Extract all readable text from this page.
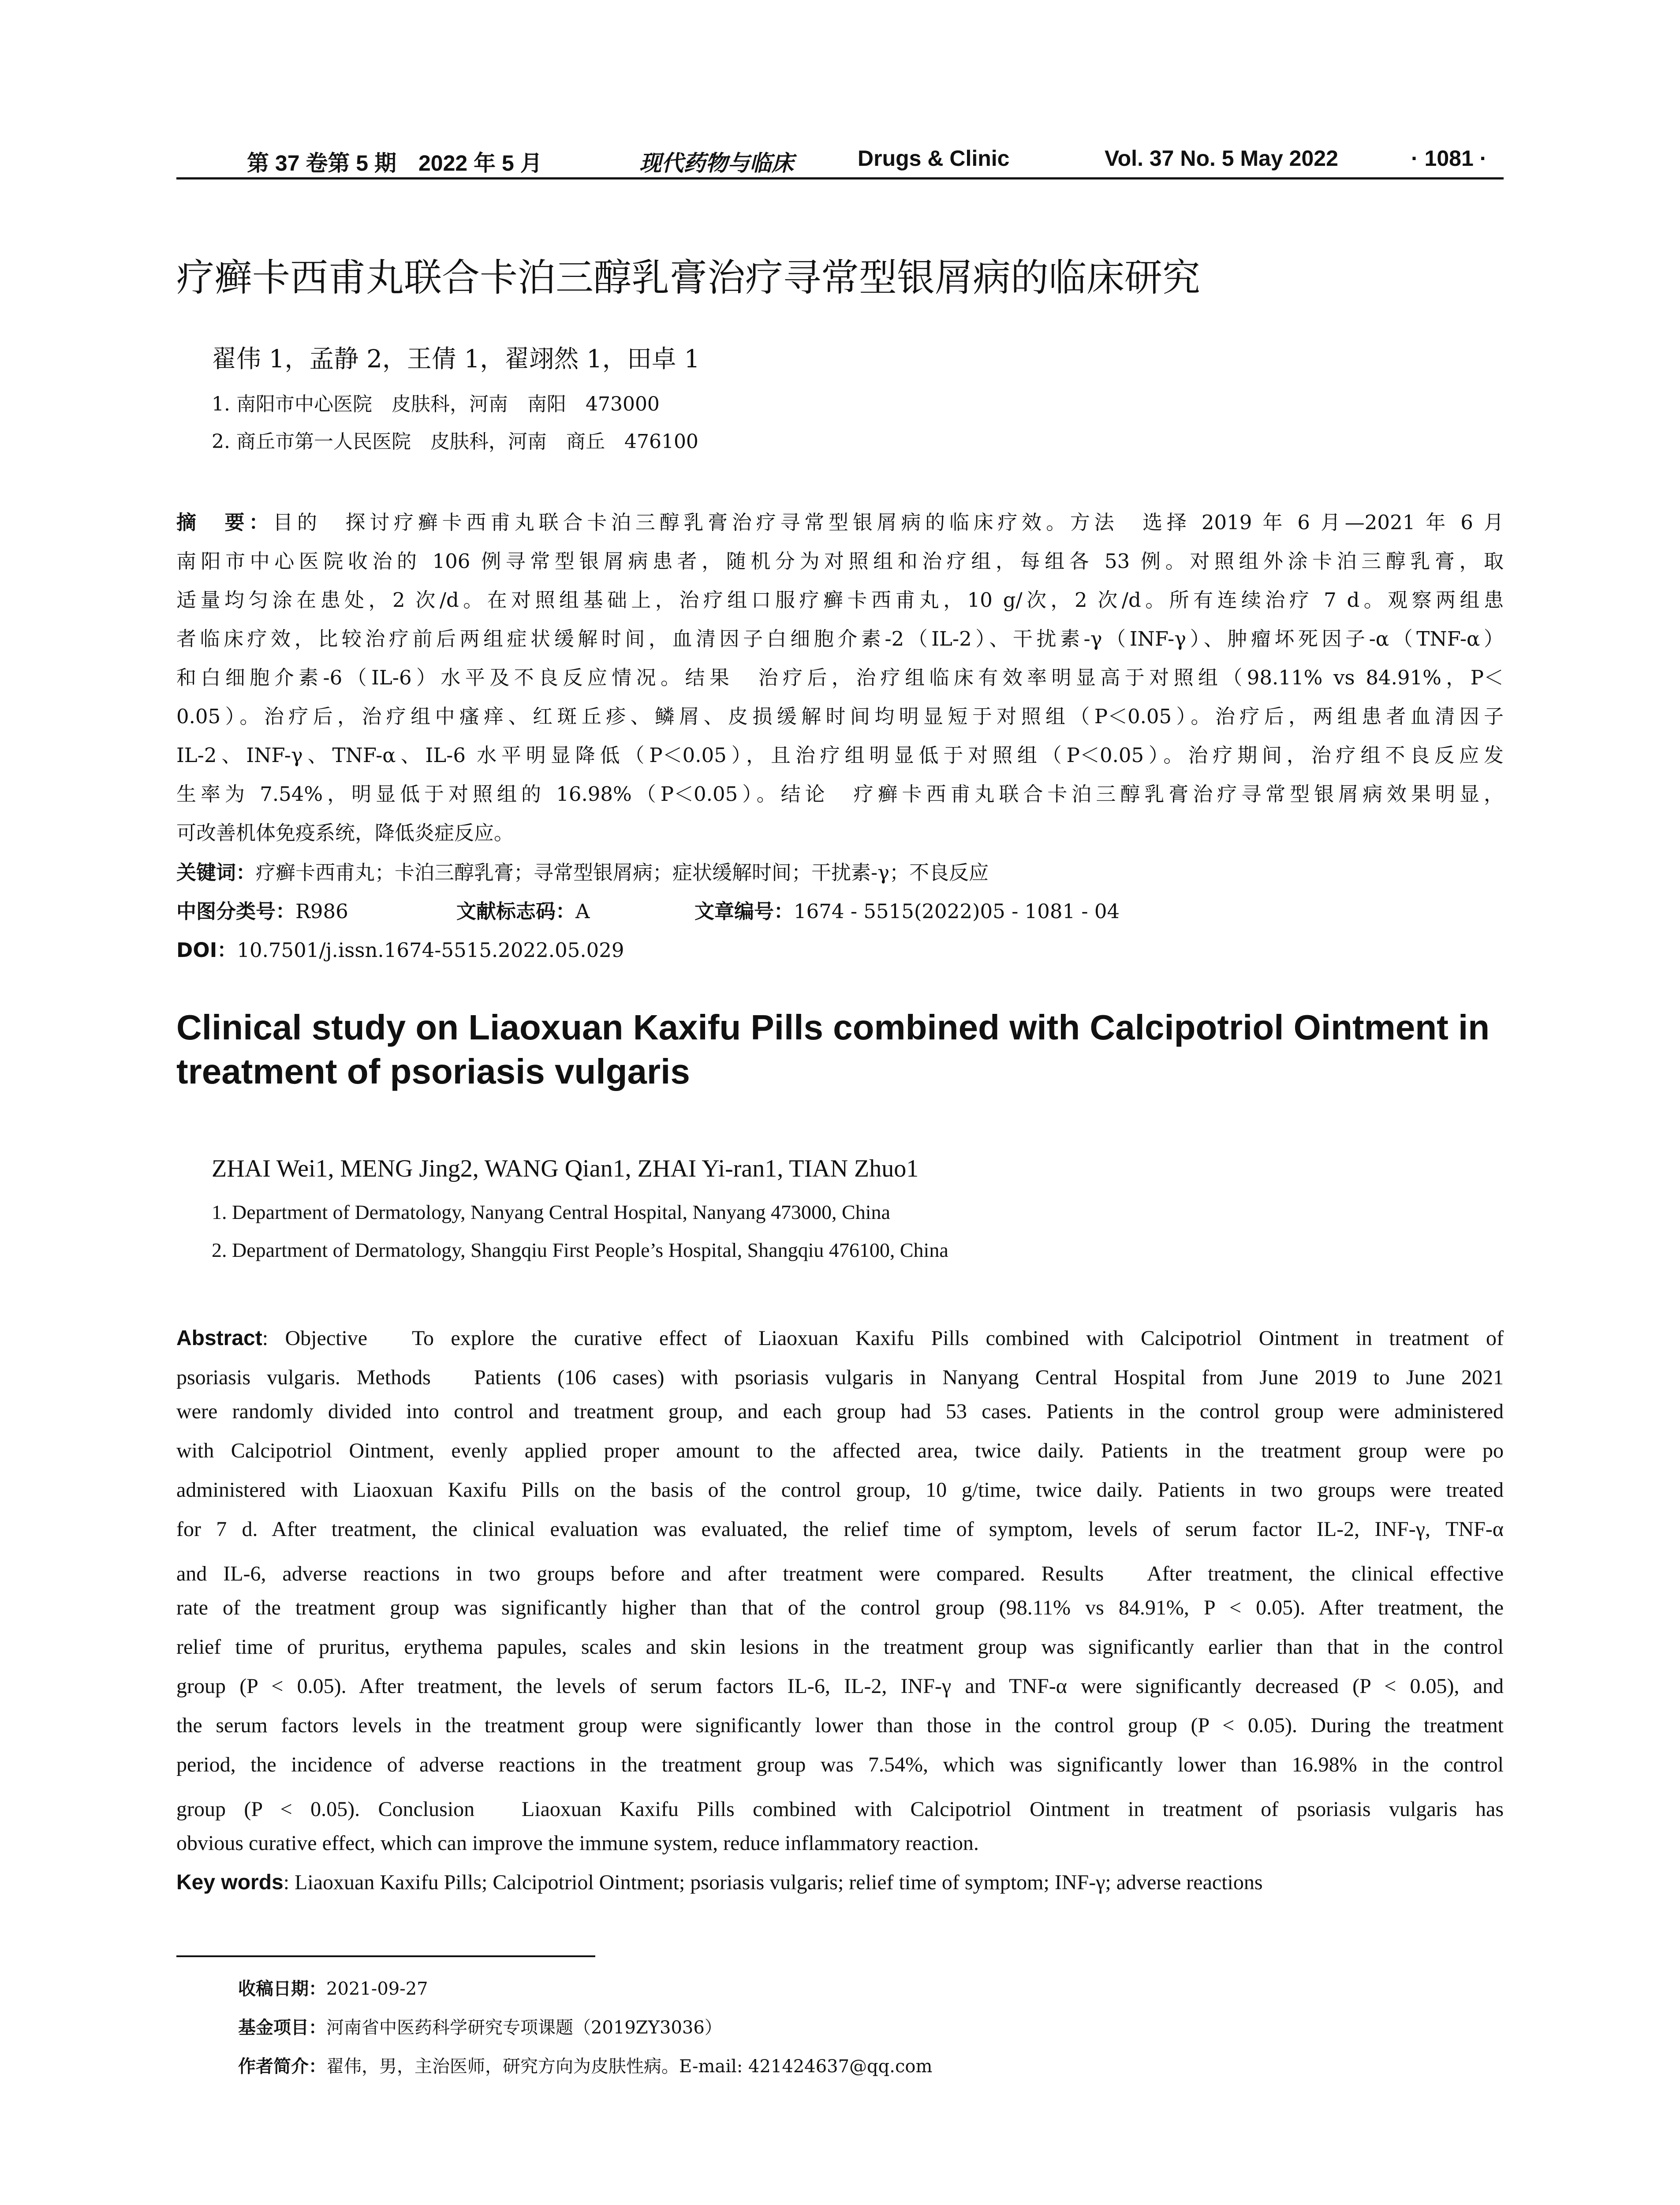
第 37 卷第 5 期　2022 年 5 月	现代药物与临床	Drugs & Clinic	Vol. 37 No. 5 May 2022	· 1081 ·
疗癣卡西甫丸联合卡泊三醇乳膏治疗寻常型银屑病的临床研究
翟伟 1，孟静 2，王倩 1，翟翊然 1，田卓 1
1. 南阳市中心医院　皮肤科，河南　南阳　473000
2. 商丘市第一人民医院　皮肤科，河南　商丘　476100
摘　要：目的　探讨疗癣卡西甫丸联合卡泊三醇乳膏治疗寻常型银屑病的临床疗效。方法　选择 2019 年 6 月—2021 年 6 月
南阳市中心医院收治的 106 例寻常型银屑病患者，随机分为对照组和治疗组，每组各 53 例。对照组外涂卡泊三醇乳膏，取
适量均匀涂在患处，2 次/d。在对照组基础上，治疗组口服疗癣卡西甫丸，10 g/次，2 次/d。所有连续治疗 7 d。观察两组患
者临床疗效，比较治疗前后两组症状缓解时间，血清因子白细胞介素-2（IL-2）、干扰素-γ（INF-γ）、肿瘤坏死因子-α（TNF-α）
和白细胞介素-6（IL-6）水平及不良反应情况。结果　治疗后，治疗组临床有效率明显高于对照组（98.11% vs 84.91%，P＜
0.05）。治疗后，治疗组中瘙痒、红斑丘疹、鳞屑、皮损缓解时间均明显短于对照组（P＜0.05）。治疗后，两组患者血清因子
IL-2、INF-γ、TNF-α、IL-6 水平明显降低（P＜0.05），且治疗组明显低于对照组（P＜0.05）。治疗期间，治疗组不良反应发
生率为 7.54%，明显低于对照组的 16.98%（P＜0.05）。结论　疗癣卡西甫丸联合卡泊三醇乳膏治疗寻常型银屑病效果明显，
可改善机体免疫系统，降低炎症反应。
关键词：疗癣卡西甫丸；卡泊三醇乳膏；寻常型银屑病；症状缓解时间；干扰素-γ；不良反应
中图分类号：R986	文献标志码：A	文章编号：1674 - 5515(2022)05 - 1081 - 04
DOI：10.7501/j.issn.1674-5515.2022.05.029
Clinical study on Liaoxuan Kaxifu Pills combined with Calcipotriol Ointment in treatment of psoriasis vulgaris
ZHAI Wei1, MENG Jing2, WANG Qian1, ZHAI Yi-ran1, TIAN Zhuo1
1. Department of Dermatology, Nanyang Central Hospital, Nanyang 473000, China
2. Department of Dermatology, Shangqiu First People’s Hospital, Shangqiu 476100, China
Abstract: Objective　To explore the curative effect of Liaoxuan Kaxifu Pills combined with Calcipotriol Ointment in treatment of
psoriasis vulgaris. Methods　Patients (106 cases) with psoriasis vulgaris in Nanyang Central Hospital from June 2019 to June 2021
were randomly divided into control and treatment group, and each group had 53 cases. Patients in the control group were administered
with Calcipotriol Ointment, evenly applied proper amount to the affected area, twice daily. Patients in the treatment group were po
administered with Liaoxuan Kaxifu Pills on the basis of the control group, 10 g/time, twice daily. Patients in two groups were treated
for 7 d. After treatment, the clinical evaluation was evaluated, the relief time of symptom, levels of serum factor IL-2, INF-γ, TNF-α
and IL-6, adverse reactions in two groups before and after treatment were compared. Results　After treatment, the clinical effective
rate of the treatment group was significantly higher than that of the control group (98.11% vs 84.91%, P < 0.05). After treatment, the
relief time of pruritus, erythema papules, scales and skin lesions in the treatment group was significantly earlier than that in the control
group (P < 0.05). After treatment, the levels of serum factors IL-6, IL-2, INF-γ and TNF-α were significantly decreased (P < 0.05), and
the serum factors levels in the treatment group were significantly lower than those in the control group (P < 0.05). During the treatment
period, the incidence of adverse reactions in the treatment group was 7.54%, which was significantly lower than 16.98% in the control
group (P < 0.05). Conclusion　Liaoxuan Kaxifu Pills combined with Calcipotriol Ointment in treatment of psoriasis vulgaris has
obvious curative effect, which can improve the immune system, reduce inflammatory reaction.
Key words: Liaoxuan Kaxifu Pills; Calcipotriol Ointment; psoriasis vulgaris; relief time of symptom; INF-γ; adverse reactions
收稿日期：2021-09-27
基金项目：河南省中医药科学研究专项课题（2019ZY3036）
作者简介：翟伟，男，主治医师，研究方向为皮肤性病。E-mail: 421424637@qq.com
